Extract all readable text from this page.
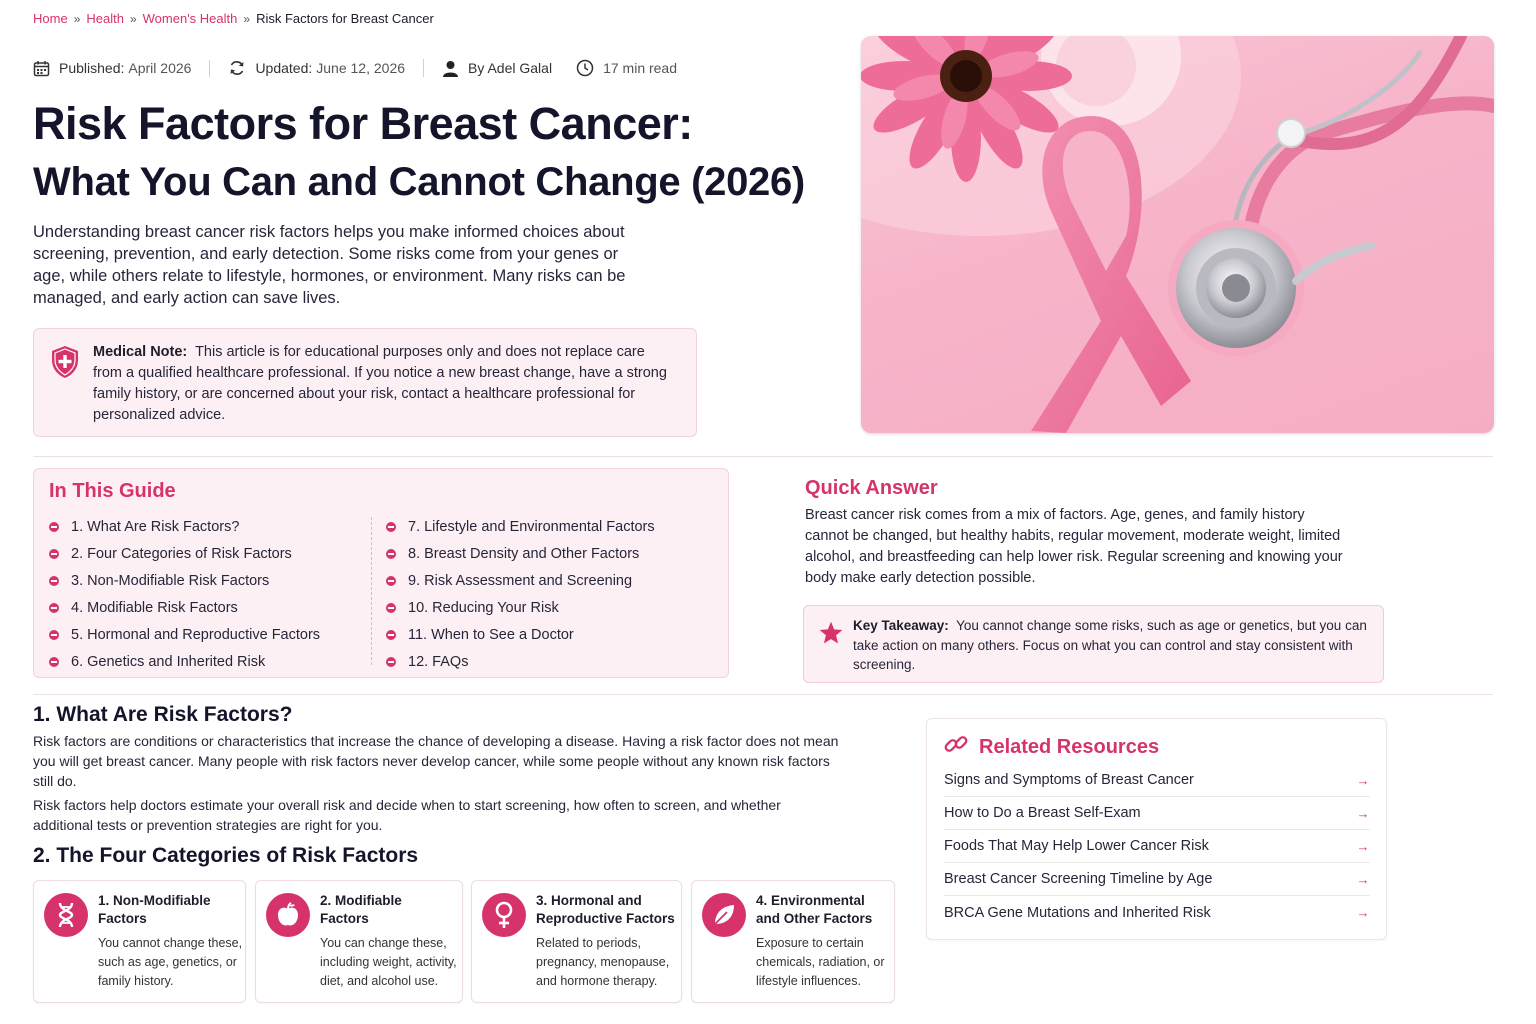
Home » Health » Women's Health » Risk Factors for Breast Cancer
Published: April 2026	Updated: June 12, 2026	By Adel Galal	17 min read
Risk Factors for Breast Cancer:
What You Can and Cannot Change (2026)

Understanding breast cancer risk factors helps you make informed choices about screening, prevention, and early detection. Some risks come from your genes or age, while others relate to lifestyle, hormones, or environment. Many risks can be managed, and early action can save lives.

Medical Note: This article is for educational purposes only and does not replace care from a qualified healthcare professional. If you notice a new breast change, have a strong family history, or are concerned about your risk, contact a healthcare professional for personalized advice.

In This Guide
1. What Are Risk Factors?
2. Four Categories of Risk Factors
3. Non-Modifiable Risk Factors
4. Modifiable Risk Factors
5. Hormonal and Reproductive Factors
6. Genetics and Inherited Risk
7. Lifestyle and Environmental Factors
8. Breast Density and Other Factors
9. Risk Assessment and Screening
10. Reducing Your Risk
11. When to See a Doctor
12. FAQs
Quick Answer

Breast cancer risk comes from a mix of factors. Age, genes, and family history cannot be changed, but healthy habits, regular movement, moderate weight, limited alcohol, and breastfeeding can help lower risk. Regular screening and knowing your body make early detection possible.

Key Takeaway: You cannot change some risks, such as age or genetics, but you can take action on many others. Focus on what you can control and stay consistent with screening.

1. What Are Risk Factors?

Risk factors are conditions or characteristics that increase the chance of developing a disease. Having a risk factor does not mean you will get breast cancer. Many people with risk factors never develop cancer, while some people without any known risk factors still do.

Risk factors help doctors estimate your overall risk and decide when to start screening, how often to screen, and whether additional tests or prevention strategies are right for you.

2. The Four Categories of Risk Factors
1. Non-Modifiable Factors
You cannot change these, such as age, genetics, or family history.
2. Modifiable Factors
You can change these, including weight, activity, diet, and alcohol use.
3. Hormonal and Reproductive Factors
Related to periods, pregnancy, menopause, and hormone therapy.
4. Environmental and Other Factors
Exposure to certain chemicals, radiation, or lifestyle influences.
Related Resources
Signs and Symptoms of Breast Cancer	→
How to Do a Breast Self-Exam	→
Foods That May Help Lower Cancer Risk	→
Breast Cancer Screening Timeline by Age	→
BRCA Gene Mutations and Inherited Risk	→
